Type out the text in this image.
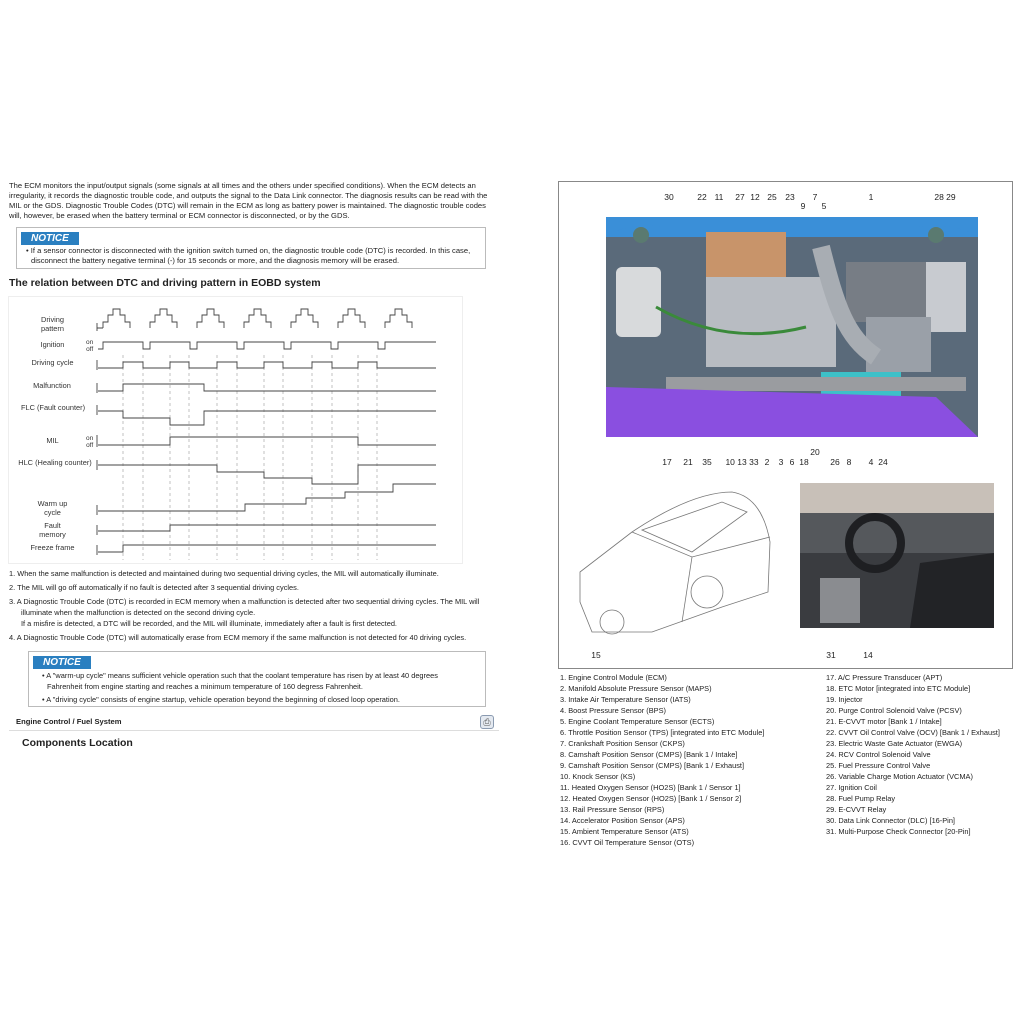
The ECM monitors the input/output signals (some signals at all times and the others under specified conditions). When the ECM detects an irregularity, it records the diagnostic trouble code, and outputs the signal to the Data Link connector. The diagnosis results can be read with the MIL or the GDS. Diagnostic Trouble Codes (DTC) will remain in the ECM as long as battery power is maintained. The diagnostic trouble codes will, however, be erased when the battery terminal or ECM connector is disconnected, or by the GDS.
NOTICE
• If a sensor connector is disconnected with the ignition switch turned on, the diagnostic trouble code (DTC) is recorded. In this case, disconnect the battery negative terminal (-) for 15 seconds or more, and the diagnosis memory will be erased.
The relation between DTC and driving pattern in EOBD system
Driving pattern
Ignition
Driving cycle
Malfunction
FLC (Fault counter)
MIL
HLC (Healing counter)
Warm up cycle
Fault memory
Freeze frame
on
off
on
off
1. When the same malfunction is detected and maintained during two sequential driving cycles, the MIL will automatically illuminate.
2. The MIL will go off automatically if no fault is detected after 3 sequential driving cycles.
3. A Diagnostic Trouble Code (DTC) is recorded in ECM memory when a malfunction is detected after two sequential driving cycles. The MIL will illuminate when the malfunction is detected on the second driving cycle.
If a misfire is detected, a DTC will be recorded, and the MIL will illuminate, immediately after a fault is first detected.
4. A Diagnostic Trouble Code (DTC) will automatically erase from ECM memory if the same malfunction is not detected for 40 driving cycles.
NOTICE
• A "warm-up cycle" means sufficient vehicle operation such that the coolant temperature has risen by at least 40 degrees Fahrenheit from engine starting and reaches a minimum temperature of 160 degress Fahrenheit.
• A "driving cycle" consists of engine startup, vehicle operation beyond the beginning of closed loop operation.
Engine Control / Fuel System	⎙
Components Location
30	22 11 27 12 25 23
9
7
5
1	28 29
17 21 35 10 13 33 2 3 6 18
20
26 8 4 24
15	31	14
1. Engine Control Module (ECM)
2. Manifold Absolute Pressure Sensor (MAPS)
3. Intake Air Temperature Sensor (IATS)
4. Boost Pressure Sensor (BPS)
5. Engine Coolant Temperature Sensor (ECTS)
6. Throttle Position Sensor (TPS) [integrated into ETC Module]
7. Crankshaft Position Sensor (CKPS)
8. Camshaft Position Sensor (CMPS) [Bank 1 / Intake]
9. Camshaft Position Sensor (CMPS) [Bank 1 / Exhaust]
10. Knock Sensor (KS)
11. Heated Oxygen Sensor (HO2S) [Bank 1 / Sensor 1]
12. Heated Oxygen Sensor (HO2S) [Bank 1 / Sensor 2]
13. Rail Pressure Sensor (RPS)
14. Accelerator Position Sensor (APS)
15. Ambient Temperature Sensor (ATS)
16. CVVT Oil Temperature Sensor (OTS)
17. A/C Pressure Transducer (APT)
18. ETC Motor [integrated into ETC Module]
19. Injector
20. Purge Control Solenoid Valve (PCSV)
21. E-CVVT motor [Bank 1 / Intake]
22. CVVT Oil Control Valve (OCV) [Bank 1 / Exhaust]
23. Electric Waste Gate Actuator (EWGA)
24. RCV Control Solenoid Valve
25. Fuel Pressure Control Valve
26. Variable Charge Motion Actuator (VCMA)
27. Ignition Coil
28. Fuel Pump Relay
29. E-CVVT Relay
30. Data Link Connector (DLC) [16-Pin]
31. Multi-Purpose Check Connector [20-Pin]
